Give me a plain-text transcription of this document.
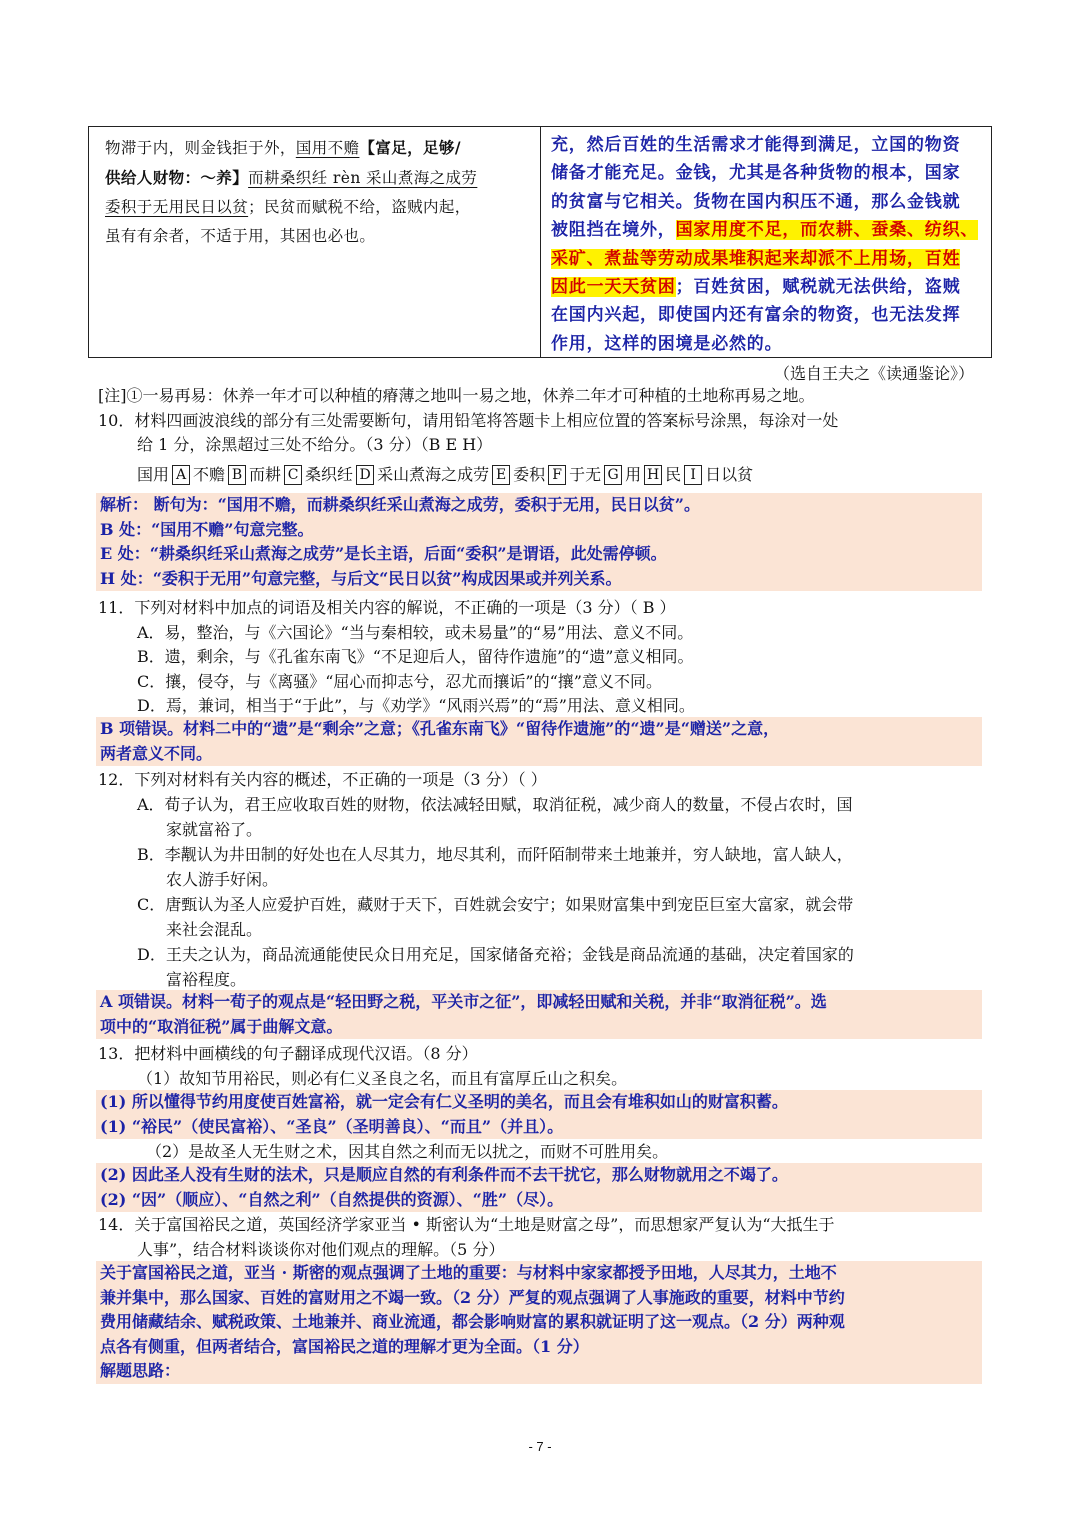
物滞于内，则金钱拒于外，国用不赡【富足，足够/
供给人财物：～养】而耕桑织纴 rèn 采山煮海之成劳
委积于无用民日以贫；民贫而赋税不给，盗贼内起，
虽有有余者，不适于用，其困也必也。
充，然后百姓的生活需求才能得到满足，立国的物资
储备才能充足。金钱，尤其是各种货物的根本，国家
的贫富与它相关。货物在国内积压不通，那么金钱就
被阻挡在境外，国家用度不足，而农耕、蚕桑、纺织、
采矿、煮盐等劳动成果堆积起来却派不上用场，百姓
因此一天天贫困；百姓贫困，赋税就无法供给，盗贼
在国内兴起，即使国内还有富余的物资，也无法发挥
作用，这样的困境是必然的。
（选自王夫之《读通鉴论》）
[注]①一易再易：休养一年才可以种植的瘠薄之地叫一易之地，休养二年才可种植的土地称再易之地。
10．材料四画波浪线的部分有三处需要断句，请用铅笔将答题卡上相应位置的答案标号涂黑，每涂对一处
给 1 分，涂黑超过三处不给分。（3 分）（B E H）
国用 A 不赡 B 而耕 C 桑织纴 D 采山煮海之成劳 E 委积 F 于无 G 用 H 民 I 日以贫
解析： 断句为：“国用不赡，而耕桑织纴采山煮海之成劳，委积于无用，民日以贫”。
B 处：“国用不赡”句意完整。
E 处：“耕桑织纴采山煮海之成劳”是长主语，后面“委积”是谓语，此处需停顿。
H 处：“委积于无用”句意完整，与后文“民日以贫”构成因果或并列关系。
11．下列对材料中加点的词语及相关内容的解说，不正确的一项是（3 分）（ B ）
A．易，整治，与《六国论》“当与秦相较，或未易量”的“易”用法、意义不同。
B．遗，剩余，与《孔雀东南飞》“不足迎后人，留待作遗施”的“遗”意义相同。
C．攘，侵夺，与《离骚》“屈心而抑志兮，忍尤而攘诟”的“攘”意义不同。
D．焉，兼词，相当于“于此”，与《劝学》“风雨兴焉”的“焉”用法、意义相同。
B 项错误。材料二中的“遗”是“剩余”之意；《孔雀东南飞》“留待作遗施”的“遗”是“赠送”之意，
两者意义不同。
12．下列对材料有关内容的概述，不正确的一项是（3 分）（ ）
A．荀子认为，君王应收取百姓的财物，依法减轻田赋，取消征税，减少商人的数量，不侵占农时，国
家就富裕了。
B．李觏认为井田制的好处也在人尽其力，地尽其利，而阡陌制带来土地兼并，穷人缺地，富人缺人，
农人游手好闲。
C．唐甄认为圣人应爱护百姓，藏财于天下，百姓就会安宁；如果财富集中到宠臣巨室大富家，就会带
来社会混乱。
D．王夫之认为，商品流通能使民众日用充足，国家储备充裕；金钱是商品流通的基础，决定着国家的
富裕程度。
A 项错误。材料一荀子的观点是“轻田野之税，平关市之征”，即减轻田赋和关税，并非“取消征税”。选
项中的“取消征税”属于曲解文意。
13．把材料中画横线的句子翻译成现代汉语。（8 分）
（1）故知节用裕民，则必有仁义圣良之名，而且有富厚丘山之积矣。
(1) 所以懂得节约用度使百姓富裕，就一定会有仁义圣明的美名，而且会有堆积如山的财富积蓄。
(1) “裕民”（使民富裕）、“圣良”（圣明善良）、“而且”（并且）。
（2）是故圣人无生财之术，因其自然之利而无以扰之，而财不可胜用矣。
(2) 因此圣人没有生财的法术，只是顺应自然的有利条件而不去干扰它，那么财物就用之不竭了。
(2) “因”（顺应）、“自然之利”（自然提供的资源）、“胜”（尽）。
14．关于富国裕民之道，英国经济学家亚当 • 斯密认为“土地是财富之母”，而思想家严复认为“大抵生于
人事”，结合材料谈谈你对他们观点的理解。（5 分）
关于富国裕民之道，亚当 · 斯密的观点强调了土地的重要：与材料中家家都授予田地，人尽其力，土地不
兼并集中，那么国家、百姓的富财用之不竭一致。（2 分）严复的观点强调了人事施政的重要，材料中节约
费用储藏结余、赋税政策、土地兼并、商业流通，都会影响财富的累积就证明了这一观点。（2 分）两种观
点各有侧重，但两者结合，富国裕民之道的理解才更为全面。（1 分）
解题思路：
- 7 -
